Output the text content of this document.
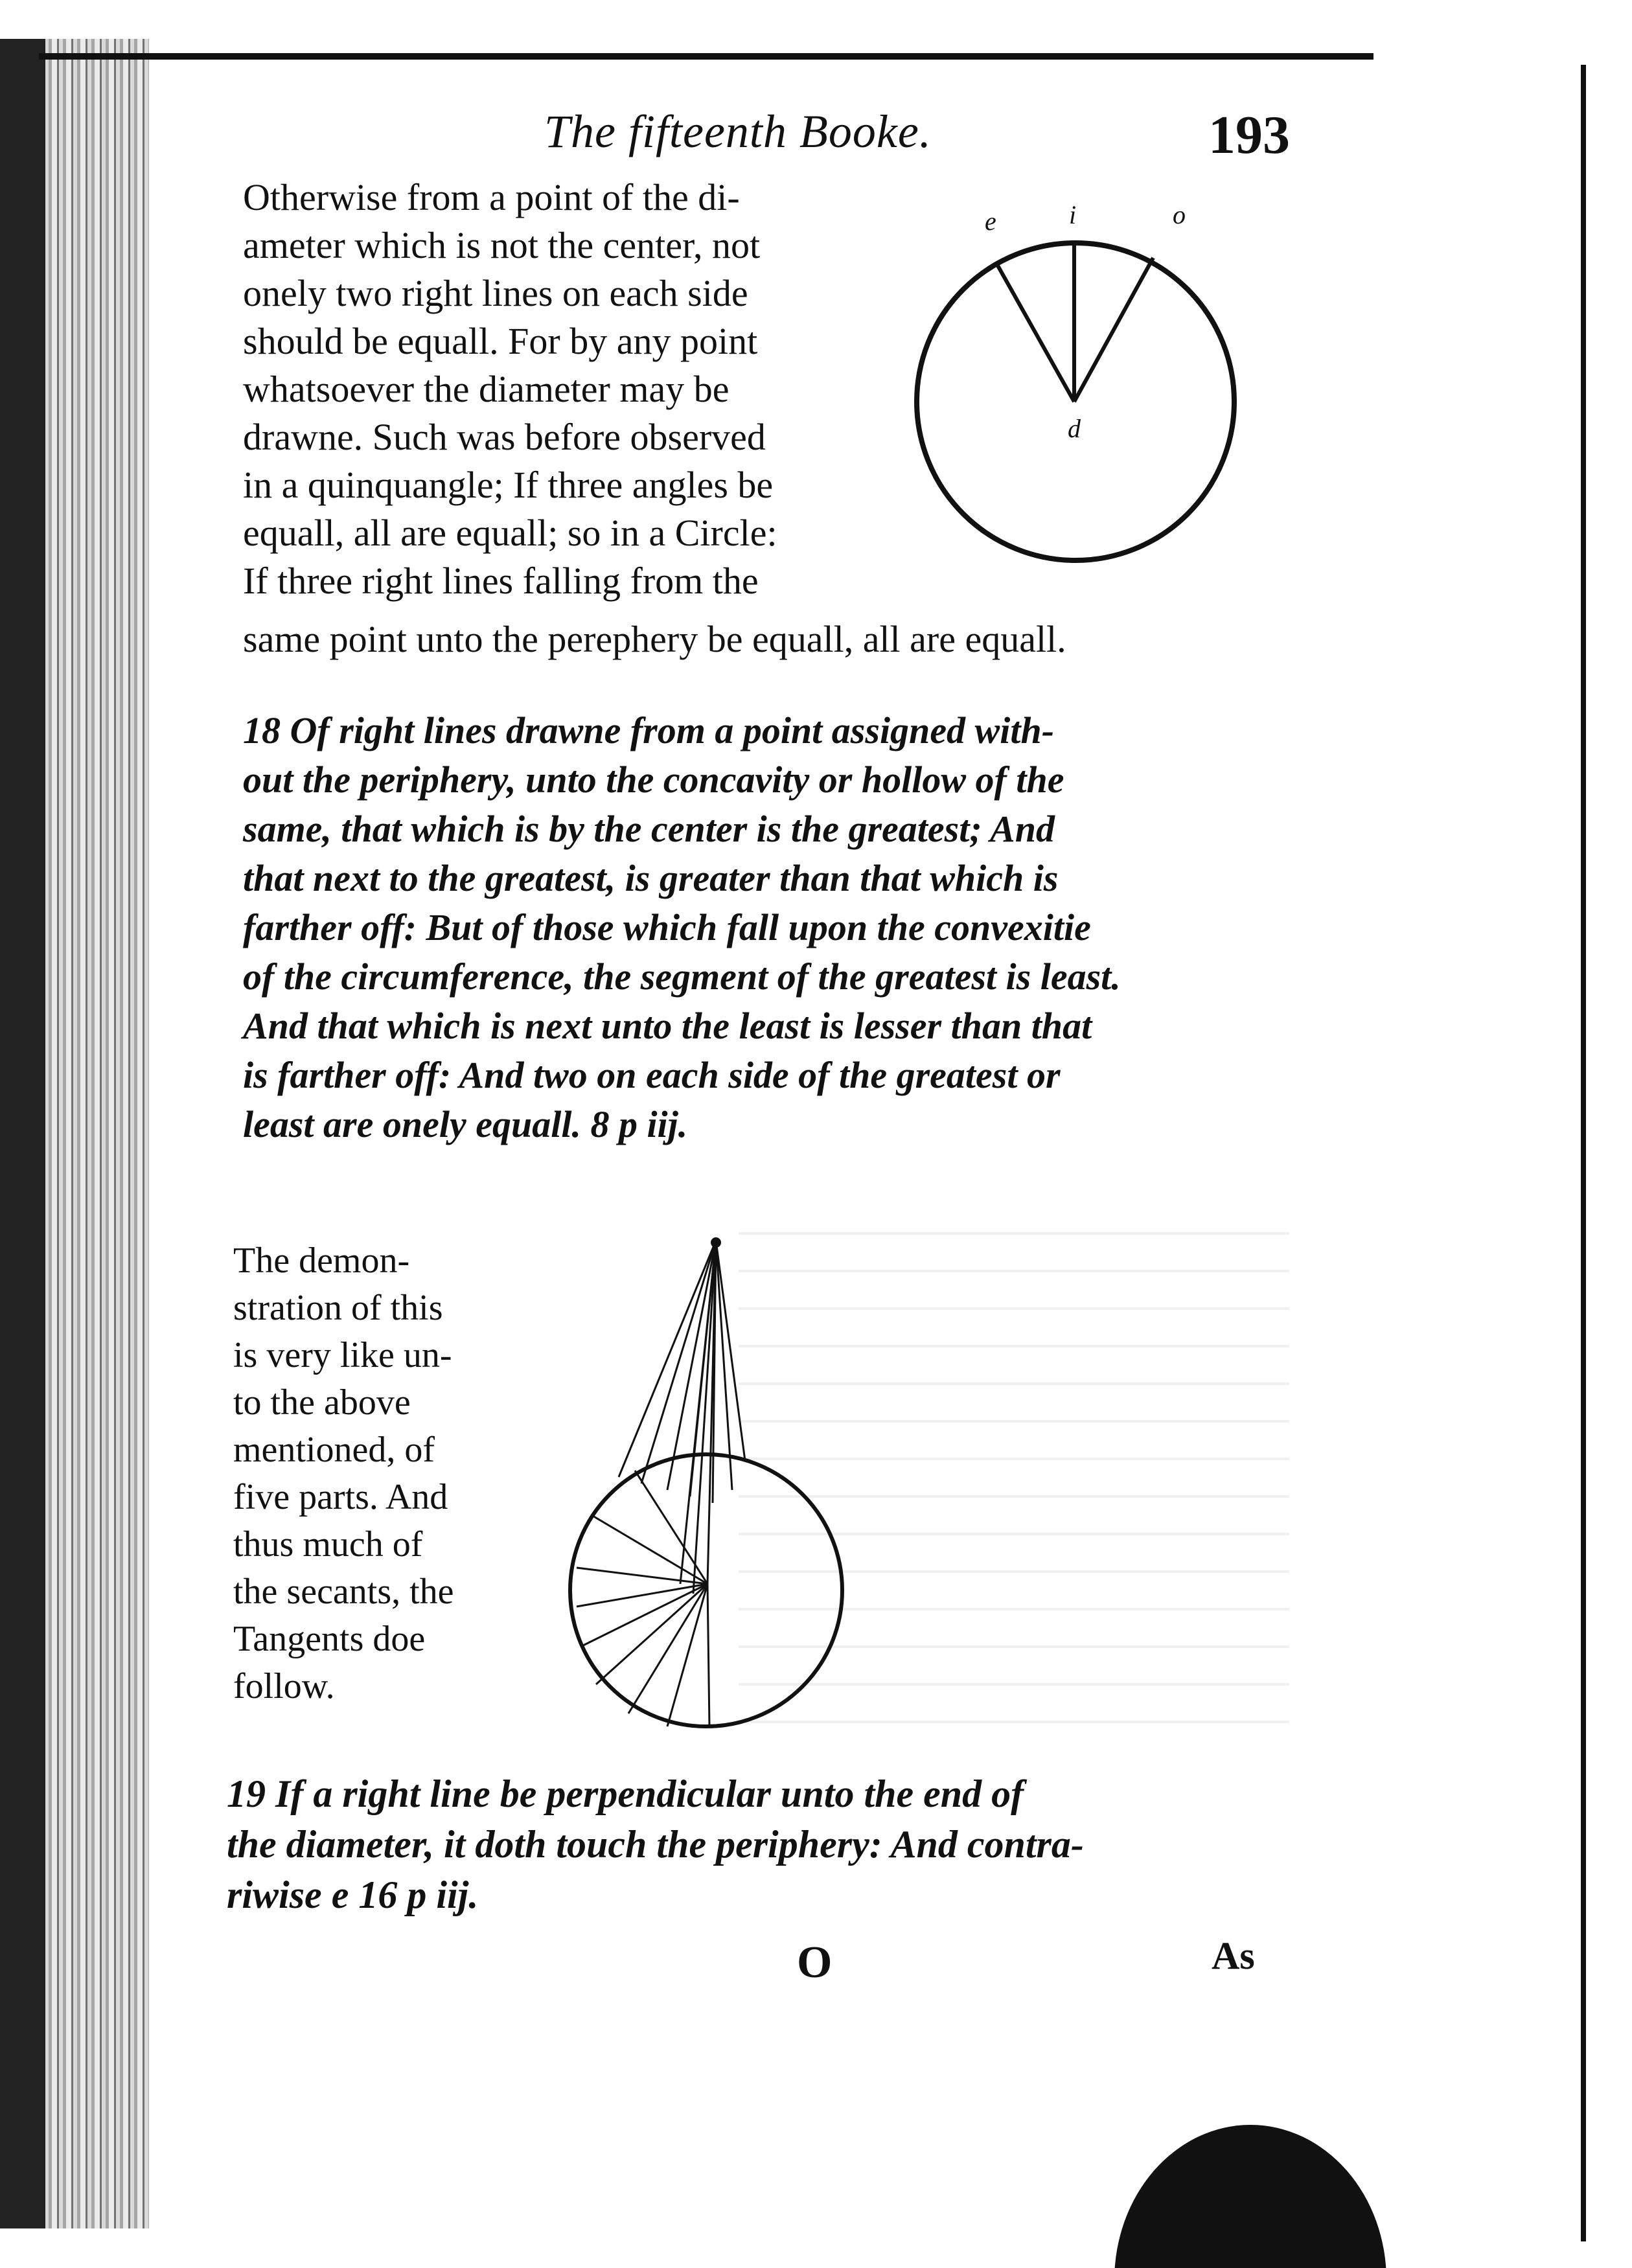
The fifteenth Booke.	193

Otherwise from a point of the di-
ameter which is not the center, not
onely two right lines on each side
should be equall. For by any point
whatsoever the diameter may be
drawne. Such was before observed
in a quinquangle; If three angles be
equall, all are equall; so in a Circle:
If three right lines falling from the

same point unto the perephery be equall, all are equall.

e	i	o
d

18 Of right lines drawne from a point assigned with-
out the periphery, unto the concavity or hollow of the
same, that which is by the center is the greatest; And
that next to the greatest, is greater than that which is
farther off: But of those which fall upon the convexitie
of the circumference, the segment of the greatest is least.
And that which is next unto the least is lesser than that
is farther off: And two on each side of the greatest or
least are onely equall. 8 p iij.

The demon-
stration of this
is very like un-
to the above
mentioned, of
five parts. And
thus much of
the secants, the
Tangents doe
follow.

19 If a right line be perpendicular unto the end of
the diameter, it doth touch the periphery: And contra-
riwise e 16 p iij.

O	As
